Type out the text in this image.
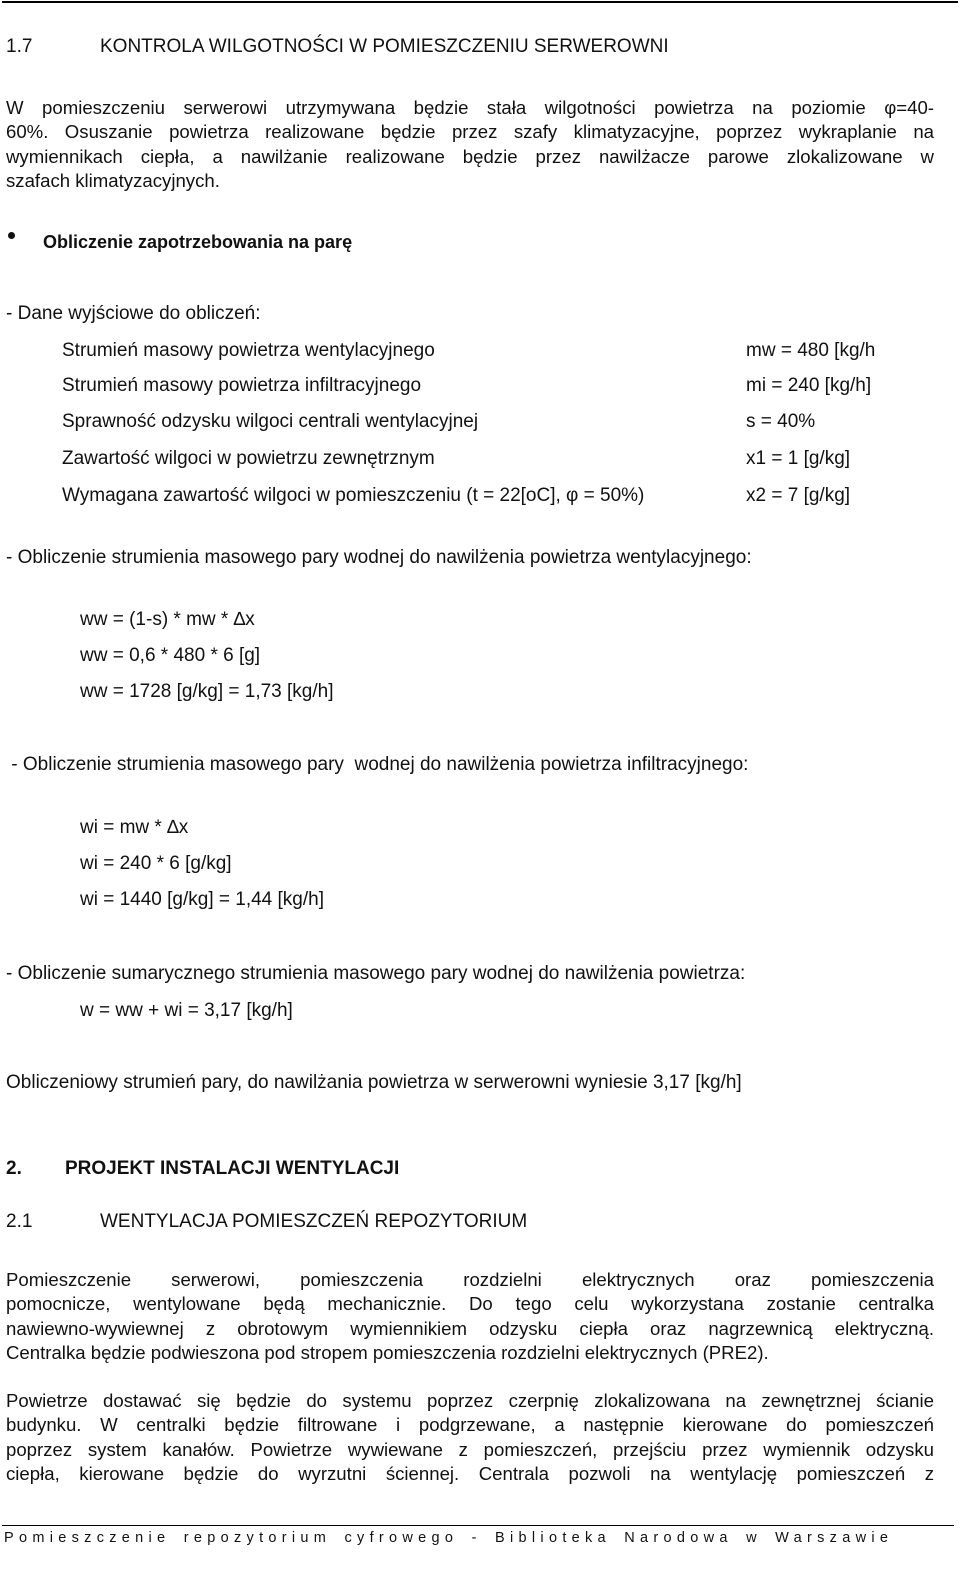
1.7	KONTROLA WILGOTNOŚCI W POMIESZCZENIU SERWEROWNI
W pomieszczeniu serwerowi utrzymywana będzie stała wilgotności powietrza na poziomie φ=40-
60%. Osuszanie powietrza realizowane będzie przez szafy klimatyzacyjne, poprzez wykraplanie na
wymiennikach ciepła, a nawilżanie realizowane będzie przez nawilżacze parowe zlokalizowane w
szafach klimatyzacyjnych.
Obliczenie zapotrzebowania na parę
- Dane wyjściowe do obliczeń:
Strumień masowy powietrza wentylacyjnego	mw = 480 [kg/h
Strumień masowy powietrza infiltracyjnego	mi = 240 [kg/h]
Sprawność odzysku wilgoci centrali wentylacyjnej	s = 40%
Zawartość wilgoci w powietrzu zewnętrznym	x1 = 1 [g/kg]
Wymagana zawartość wilgoci w pomieszczeniu (t = 22[oC], φ = 50%)	x2 = 7 [g/kg]
- Obliczenie strumienia masowego pary wodnej do nawilżenia powietrza wentylacyjnego:
ww = (1-s) * mw * ∆x
ww = 0,6 * 480 * 6 [g]
ww = 1728 [g/kg] = 1,73 [kg/h]
- Obliczenie strumienia masowego pary  wodnej do nawilżenia powietrza infiltracyjnego:
wi = mw * ∆x
wi = 240 * 6 [g/kg]
wi = 1440 [g/kg] = 1,44 [kg/h]
- Obliczenie sumarycznego strumienia masowego pary wodnej do nawilżenia powietrza:
w = ww + wi = 3,17 [kg/h]
Obliczeniowy strumień pary, do nawilżania powietrza w serwerowni wyniesie 3,17 [kg/h]
2. PROJEKT INSTALACJI WENTYLACJI
2.1	WENTYLACJA POMIESZCZEŃ REPOZYTORIUM
Pomieszczenie serwerowi, pomieszczenia rozdzielni elektrycznych oraz pomieszczenia
pomocnicze, wentylowane będą mechanicznie. Do tego celu wykorzystana zostanie centralka
nawiewno-wywiewnej z obrotowym wymiennikiem odzysku ciepła oraz nagrzewnicą elektryczną.
Centralka będzie podwieszona pod stropem pomieszczenia rozdzielni elektrycznych (PRE2).
Powietrze dostawać się będzie do systemu poprzez czerpnię zlokalizowana na zewnętrznej ścianie
budynku. W centralki będzie filtrowane i podgrzewane, a następnie kierowane do pomieszczeń
poprzez system kanałów. Powietrze wywiewane z pomieszczeń, przejściu przez wymiennik odzysku
ciepła, kierowane będzie do wyrzutni ściennej. Centrala pozwoli na wentylację pomieszczeń z
Pomieszczenie repozytorium cyfrowego - Biblioteka Narodowa w Warszawie
